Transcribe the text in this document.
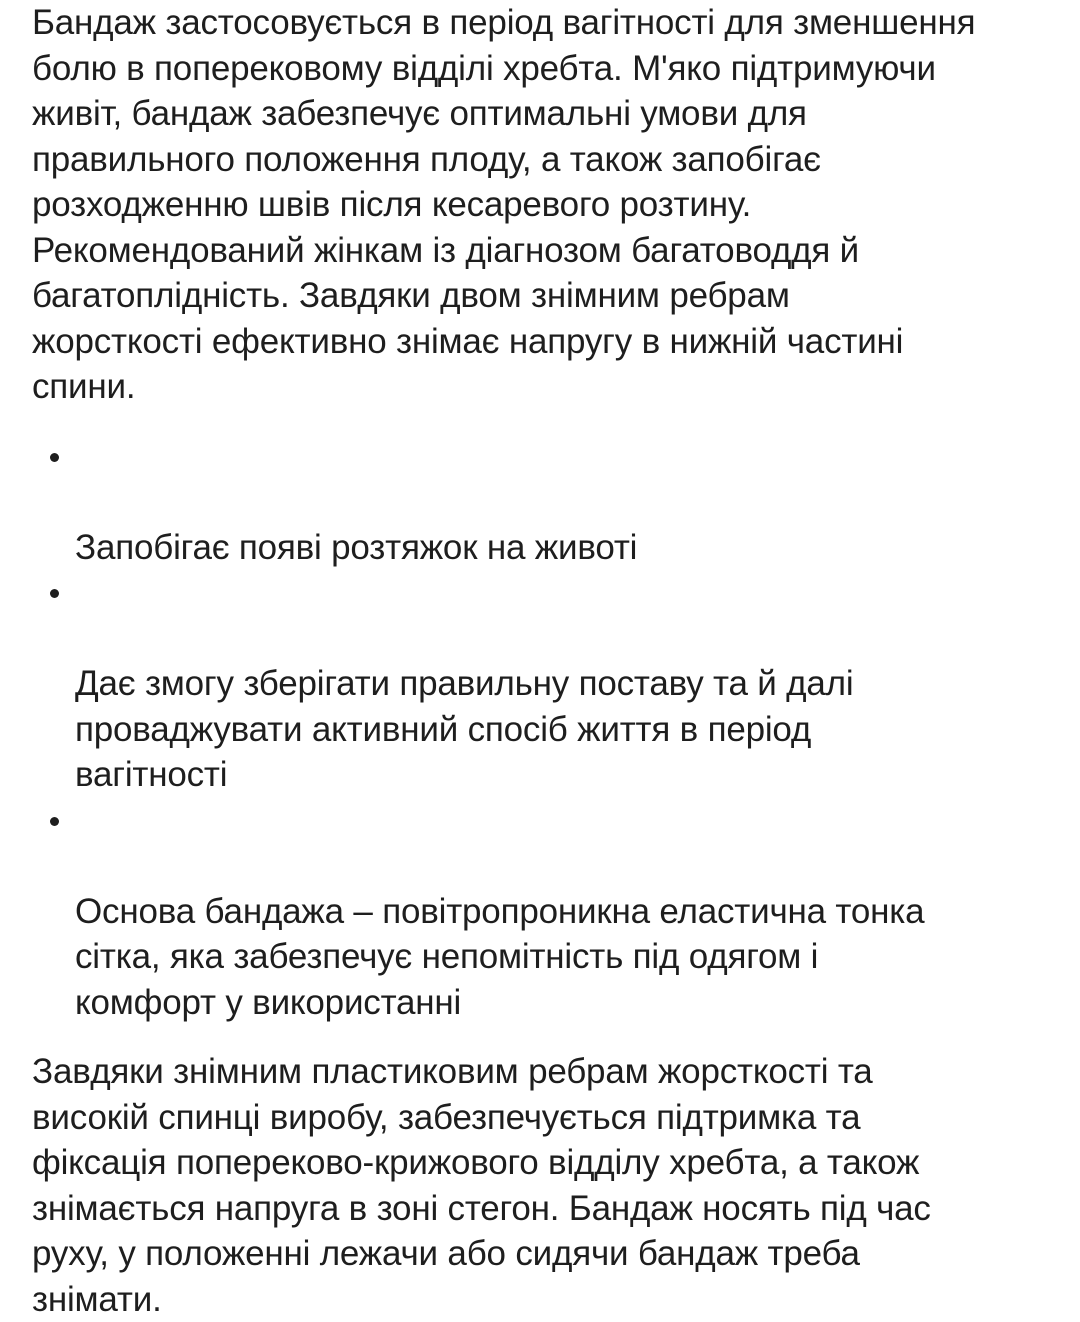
Бандаж застосовується в період вагітності для зменшення
болю в поперековому відділі хребта. М'яко підтримуючи
живіт, бандаж забезпечує оптимальні умови для
правильного положення плоду, а також запобігає
розходженню швів після кесаревого розтину.
Рекомендований жінкам із діагнозом багатоводдя й
багатоплідність. Завдяки двом знімним ребрам
жорсткості ефективно знімає напругу в нижній частині
спини.

Запобігає появі розтяжок на животі

Дає змогу зберігати правильну поставу та й далі
проваджувати активний спосіб життя в період
вагітності

Основа бандажа – повітропроникна еластична тонка
сітка, яка забезпечує непомітність під одягом і
комфорт у використанні

Завдяки знімним пластиковим ребрам жорсткості та
високій спинці виробу, забезпечується підтримка та
фіксація попереково-крижового відділу хребта, а також
знімається напруга в зоні стегон. Бандаж носять під час
руху, у положенні лежачи або сидячи бандаж треба
знімати.
